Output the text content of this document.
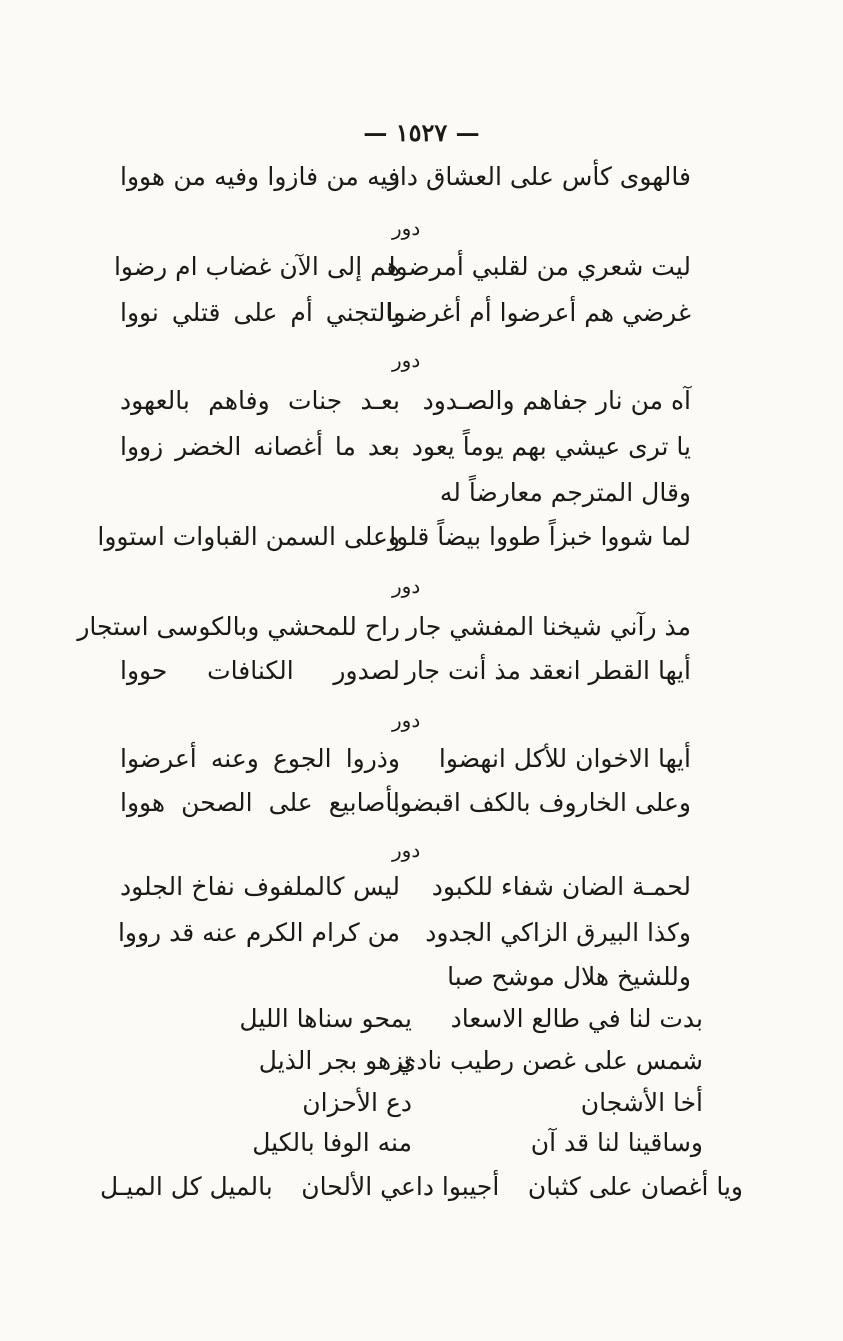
— ١٥٢٧ —
فالهوى كأس على العشاق دار
فيه من فازوا وفيه من هووا
دور
ليت شعري من لقلبي أمرضوا
هم إلى الآن غضاب ام رضوا
غرضي هم أعرضوا أم أغرضوا
بالتجني أم على قتلي نووا
دور
آه من نار جفاهم والصـدود
بعـد جنات وفاهم بالعهود
يا ترى عيشي بهم يوماً يعود
بعد ما أغصانه الخضر زووا
وقال المترجم معارضاً له
لما شووا خبزاً طووا بيضاً قلوا
وعلى السمن القباوات استووا
دور
مذ رآني شيخنا المفشي جار
راح للمحشي وبالكوسى استجار
أيها القطر انعقد مذ أنت جار
لصدور الكنافات حووا
دور
أيها الاخوان للأكل انهضوا
وذروا الجوع وعنه أعرضوا
وعلى الخاروف بالكف اقبضوا
بأصابيع على الصحن هووا
دور
لحمـة الضان شفاء للكبود
ليس كالملفوف نفاخ الجلود
وكذا البيرق الزاكي الجدود
من كرام الكرم عنه قد رووا
وللشيخ هلال موشح صبا
بدت لنا في طالع الاسعاد
يمحو سناها الليل
شمس على غصن رطيب نادي
تزهو بجر الذيل
أخا الأشجان
دع الأحزان
وساقينا لنا قد آن
منه الوفا بالكيل
ويا أغصان على كثبان
أجيبوا داعي الألحان
بالميل كل الميـل
